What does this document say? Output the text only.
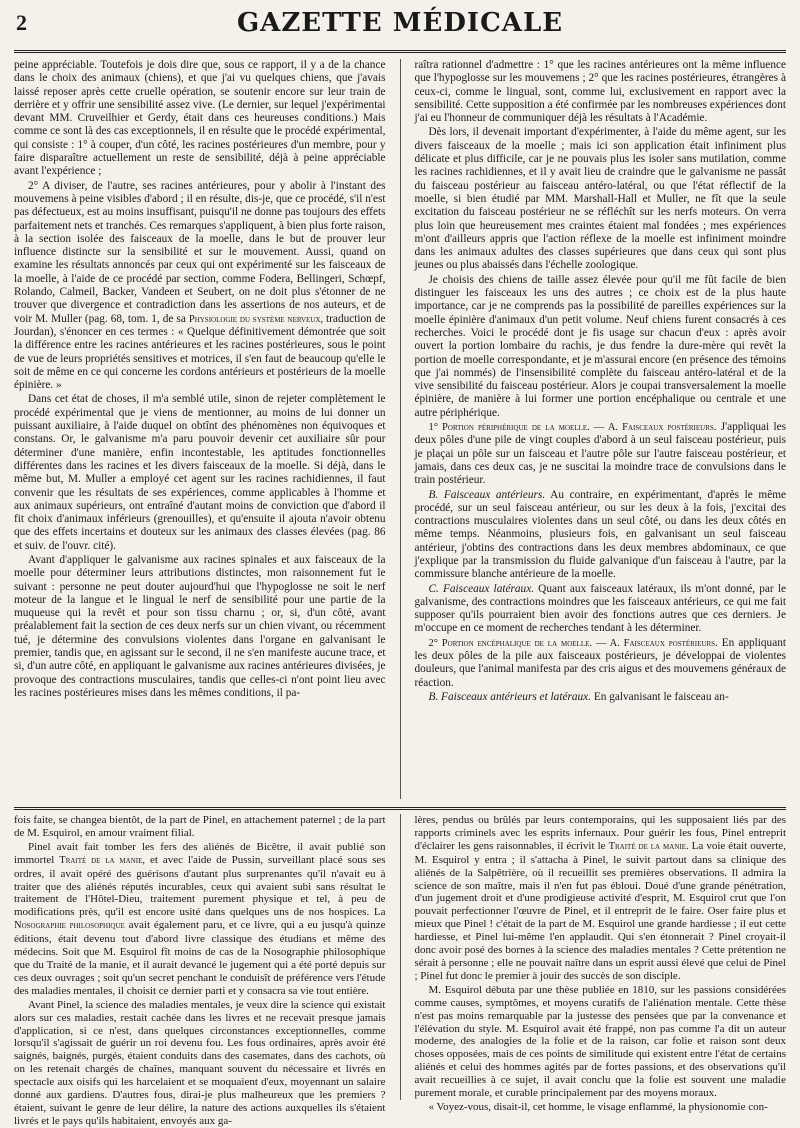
2	GAZETTE MÉDICALE

peine appréciable. Toutefois je dois dire que, sous ce rapport, il y a de la chance dans le choix des animaux (chiens), et que j'ai vu quelques chiens, que j'avais laissé reposer après cette cruelle opération, se soutenir encore sur leur train de derrière et y offrir une sensibilité assez vive. (Le dernier, sur lequel j'expérimentai devant MM. Cruveilhier et Gerdy, était dans ces heureuses conditions.) Mais comme ce sont là des cas exceptionnels, il en résulte que le procédé expérimental, qui consiste : 1° à couper, d'un côté, les racines postérieures d'un membre, pour y faire disparaître actuellement un reste de sensibilité, déjà à peine appréciable avant l'expérience ;

2° A diviser, de l'autre, ses racines antérieures, pour y abolir à l'instant des mouvemens à peine visibles d'abord ; il en résulte, dis-je, que ce procédé, s'il n'est pas défectueux, est au moins insuffisant, puisqu'il ne donne pas toujours des effets parfaitement nets et tranchés. Ces remarques s'appliquent, à bien plus forte raison, à la section isolée des faisceaux de la moelle, dans le but de prouver leur influence distincte sur la sensibilité et sur le mouvement. Aussi, quand on examine les résultats annoncés par ceux qui ont expérimenté sur les faisceaux de la moelle, à l'aide de ce procédé par section, comme Fodera, Bellingeri, Schœpf, Rolando, Calmeil, Backer, Vandeen et Seubert, on ne doit plus s'étonner de ne trouver que divergence et contradiction dans les assertions de nos auteurs, et de voir M. Muller (pag. 68, tom. 1, de sa Physiologie du système nerveux, traduction de Jourdan), s'énoncer en ces termes : « Quelque définitivement démontrée que soit la différence entre les racines antérieures et les racines postérieures, sous le point de vue de leurs propriétés sensitives et motrices, il s'en faut de beaucoup qu'elle le soit de même en ce qui concerne les cordons antérieurs et postérieurs de la moelle épinière. »

Dans cet état de choses, il m'a semblé utile, sinon de rejeter complètement le procédé expérimental que je viens de mentionner, au moins de lui donner un puissant auxiliaire, à l'aide duquel on obtînt des phénomènes non équivoques et constans. Or, le galvanisme m'a paru pouvoir devenir cet auxiliaire sûr pour déterminer d'une manière, enfin incontestable, les aptitudes fonctionnelles différentes dans les racines et les divers faisceaux de la moelle. Si déjà, dans le même but, M. Muller a employé cet agent sur les racines rachidiennes, il faut convenir que les résultats de ses expériences, comme applicables à l'homme et aux animaux supérieurs, ont entraîné d'autant moins de conviction que d'abord il fit choix d'animaux inférieurs (grenouilles), et qu'ensuite il ajouta n'avoir obtenu que des effets incertains et douteux sur les animaux des classes élevées (pag. 86 et suiv. de l'ouvr. cité).

Avant d'appliquer le galvanisme aux racines spinales et aux faisceaux de la moelle pour déterminer leurs attributions distinctes, mon raisonnement fut le suivant : personne ne peut douter aujourd'hui que l'hypoglosse ne soit le nerf moteur de la langue et le lingual le nerf de sensibilité pour une partie de la muqueuse qui la revêt et pour son tissu charnu ; or, si, d'un côté, avant préalablement fait la section de ces deux nerfs sur un chien vivant, ou récemment tué, je détermine des convulsions violentes dans l'organe en galvanisant le premier, tandis que, en agissant sur le second, il ne s'en manifeste aucune trace, et si, d'un autre côté, en appliquant le galvanisme aux racines antérieures divisées, je provoque des contractions musculaires, tandis que celles-ci n'ont point lieu avec les racines postérieures mises dans les mêmes conditions, il pa-

raîtra rationnel d'admettre : 1° que les racines antérieures ont la même influence que l'hypoglosse sur les mouvemens ; 2° que les racines postérieures, étrangères à ceux-ci, comme le lingual, sont, comme lui, exclusivement en rapport avec la sensibilité. Cette supposition a été confirmée par les nombreuses expériences dont j'ai eu l'honneur de communiquer déjà les résultats à l'Académie.

Dès lors, il devenait important d'expérimenter, à l'aide du même agent, sur les divers faisceaux de la moelle ; mais ici son application était infiniment plus délicate et plus difficile, car je ne pouvais plus les isoler sans mutilation, comme les racines rachidiennes, et il y avait lieu de craindre que le galvanisme ne passât du faisceau postérieur au faisceau antéro-latéral, ou que l'état réflectif de la moelle, si bien étudié par MM. Marshall-Hall et Muller, ne fît que la seule excitation du faisceau postérieur ne se réfléchît sur les nerfs moteurs. On verra plus loin que heureusement mes craintes étaient mal fondées ; mes expériences m'ont d'ailleurs appris que l'action réflexe de la moelle est infiniment moindre dans les animaux adultes des classes supérieures que dans ceux qui sont plus jeunes ou plus abaissés dans l'échelle zoologique.

Je choisis des chiens de taille assez élevée pour qu'il me fût facile de bien distinguer les faisceaux les uns des autres ; ce choix est de la plus haute importance, car je ne comprends pas la possibilité de pareilles expériences sur la moelle épinière d'animaux d'un petit volume. Neuf chiens furent consacrés à ces recherches. Voici le procédé dont je fis usage sur chacun d'eux : après avoir ouvert la portion lombaire du rachis, je dus fendre la dure-mère qui revêt la portion de moelle correspondante, et je m'assurai encore (en présence des témoins que j'ai nommés) de l'insensibilité complète du faisceau antéro-latéral et de la vive sensibilité du faisceau postérieur. Alors je coupai transversalement la moelle épinière, de manière à lui former une portion encéphalique ou centrale et une autre périphérique.

1° Portion périphérique de la moelle. — A. Faisceaux postérieurs. J'appliquai les deux pôles d'une pile de vingt couples d'abord à un seul faisceau postérieur, puis je plaçai un pôle sur un faisceau et l'autre pôle sur l'autre faisceau postérieur, et jamais, dans ces deux cas, je ne suscitai la moindre trace de convulsions dans le train postérieur.

B. Faisceaux antérieurs. Au contraire, en expérimentant, d'après le même procédé, sur un seul faisceau antérieur, ou sur les deux à la fois, j'excitai des contractions musculaires violentes dans un seul côté, ou dans les deux côtés en même temps. Néanmoins, plusieurs fois, en galvanisant un seul faisceau antérieur, j'obtins des contractions dans les deux membres abdominaux, ce que j'explique par la transmission du fluide galvanique d'un faisceau à l'autre, par la commissure blanche antérieure de la moelle.

C. Faisceaux latéraux. Quant aux faisceaux latéraux, ils m'ont donné, par le galvanisme, des contractions moindres que les faisceaux antérieurs, ce qui me fait supposer qu'ils pourraient bien avoir des fonctions autres que ces derniers. Je m'occupe en ce moment de recherches tendant à les déterminer.

2° Portion encéphalique de la moelle. — A. Faisceaux postérieurs. En appliquant les deux pôles de la pile aux faisceaux postérieurs, je développai de violentes douleurs, que l'animal manifesta par des cris aigus et des mouvemens généraux de réaction.

B. Faisceaux antérieurs et latéraux. En galvanisant le faisceau an-

fois faite, se changea bientôt, de la part de Pinel, en attachement paternel ; de la part de M. Esquirol, en amour vraiment filial.

Pinel avait fait tomber les fers des aliénés de Bicêtre, il avait publié son immortel Traité de la manie, et avec l'aide de Pussin, surveillant placé sous ses ordres, il avait opéré des guérisons d'autant plus surprenantes qu'il n'avait eu à traiter que des aliénés réputés incurables, ceux qui avaient subi sans résultat le traitement de l'Hôtel-Dieu, traitement purement physique et tel, à peu de modifications près, qu'il est encore usité dans quelques uns de nos hospices. La Nosographie philosophique avait également paru, et ce livre, qui a eu jusqu'à quinze éditions, était devenu tout d'abord livre classique des étudians et même des médecins. Soit que M. Esquirol fît moins de cas de la Nosographie philosophique que du Traité de la manie, et il aurait devancé le jugement qui a été porté depuis sur ces deux ouvrages ; soit qu'un secret penchant le conduisît de préférence vers l'étude des maladies mentales, il choisit ce dernier parti et y consacra sa vie tout entière.

Avant Pinel, la science des maladies mentales, je veux dire la science qui existait alors sur ces maladies, restait cachée dans les livres et ne recevait presque jamais d'application, si ce n'est, dans quelques circonstances exceptionnelles, comme lorsqu'il s'agissait de guérir un roi devenu fou. Les fous ordinaires, après avoir été saignés, baignés, purgés, étaient conduits dans des casemates, dans des cachots, où on les retenait chargés de chaînes, manquant souvent du nécessaire et livrés en spectacle aux oisifs qui les harcelaient et se moquaient d'eux, moyennant un salaire donné aux gardiens. D'autres fous, dirai-je plus malheureux que les premiers ? étaient, suivant le genre de leur délire, la nature des actions auxquelles ils s'étaient livrés et le pays qu'ils habitaient, envoyés aux ga-

lères, pendus ou brûlés par leurs contemporains, qui les supposaient liés par des rapports criminels avec les esprits infernaux. Pour guérir les fous, Pinel entreprit d'éclairer les gens raisonnables, il écrivit le Traité de la manie. La voie était ouverte, M. Esquirol y entra ; il s'attacha à Pinel, le suivit partout dans sa clinique des aliénés de la Salpêtrière, où il recueillit ses premières observations. Il admira la science de son maître, mais il n'en fut pas ébloui. Doué d'une grande pénétration, d'un jugement droit et d'une prodigieuse activité d'esprit, M. Esquirol crut que l'on pouvait perfectionner l'œuvre de Pinel, et il entreprit de le faire. Oser faire plus et mieux que Pinel ! c'était de la part de M. Esquirol une grande hardiesse ; il eut cette hardiesse, et Pinel lui-même l'en applaudit. Qui s'en étonnerait ? Pinel croyait-il donc avoir posé des bornes à la science des maladies mentales ? Cette prétention ne sérait à personne ; elle ne pouvait naître dans un esprit aussi élevé que celui de Pinel ; Pinel fut donc le premier à jouir des succès de son disciple.

M. Esquirol débuta par une thèse publiée en 1810, sur les passions considérées comme causes, symptômes, et moyens curatifs de l'aliénation mentale. Cette thèse n'est pas moins remarquable par la justesse des pensées que par la convenance et l'élévation du style. M. Esquirol avait été frappé, non pas comme l'a dit un auteur moderne, des analogies de la folie et de la raison, car folie et raison sont deux choses opposées, mais de ces points de similitude qui existent entre l'état de certains aliénés et celui des hommes agités par de fortes passions, et des observations qu'il avait recueillies à ce sujet, il avait conclu que la folie est souvent une maladie purement morale, et curable principalement par des moyens moraux.

« Voyez-vous, disait-il, cet homme, le visage enflammé, la physionomie con-
